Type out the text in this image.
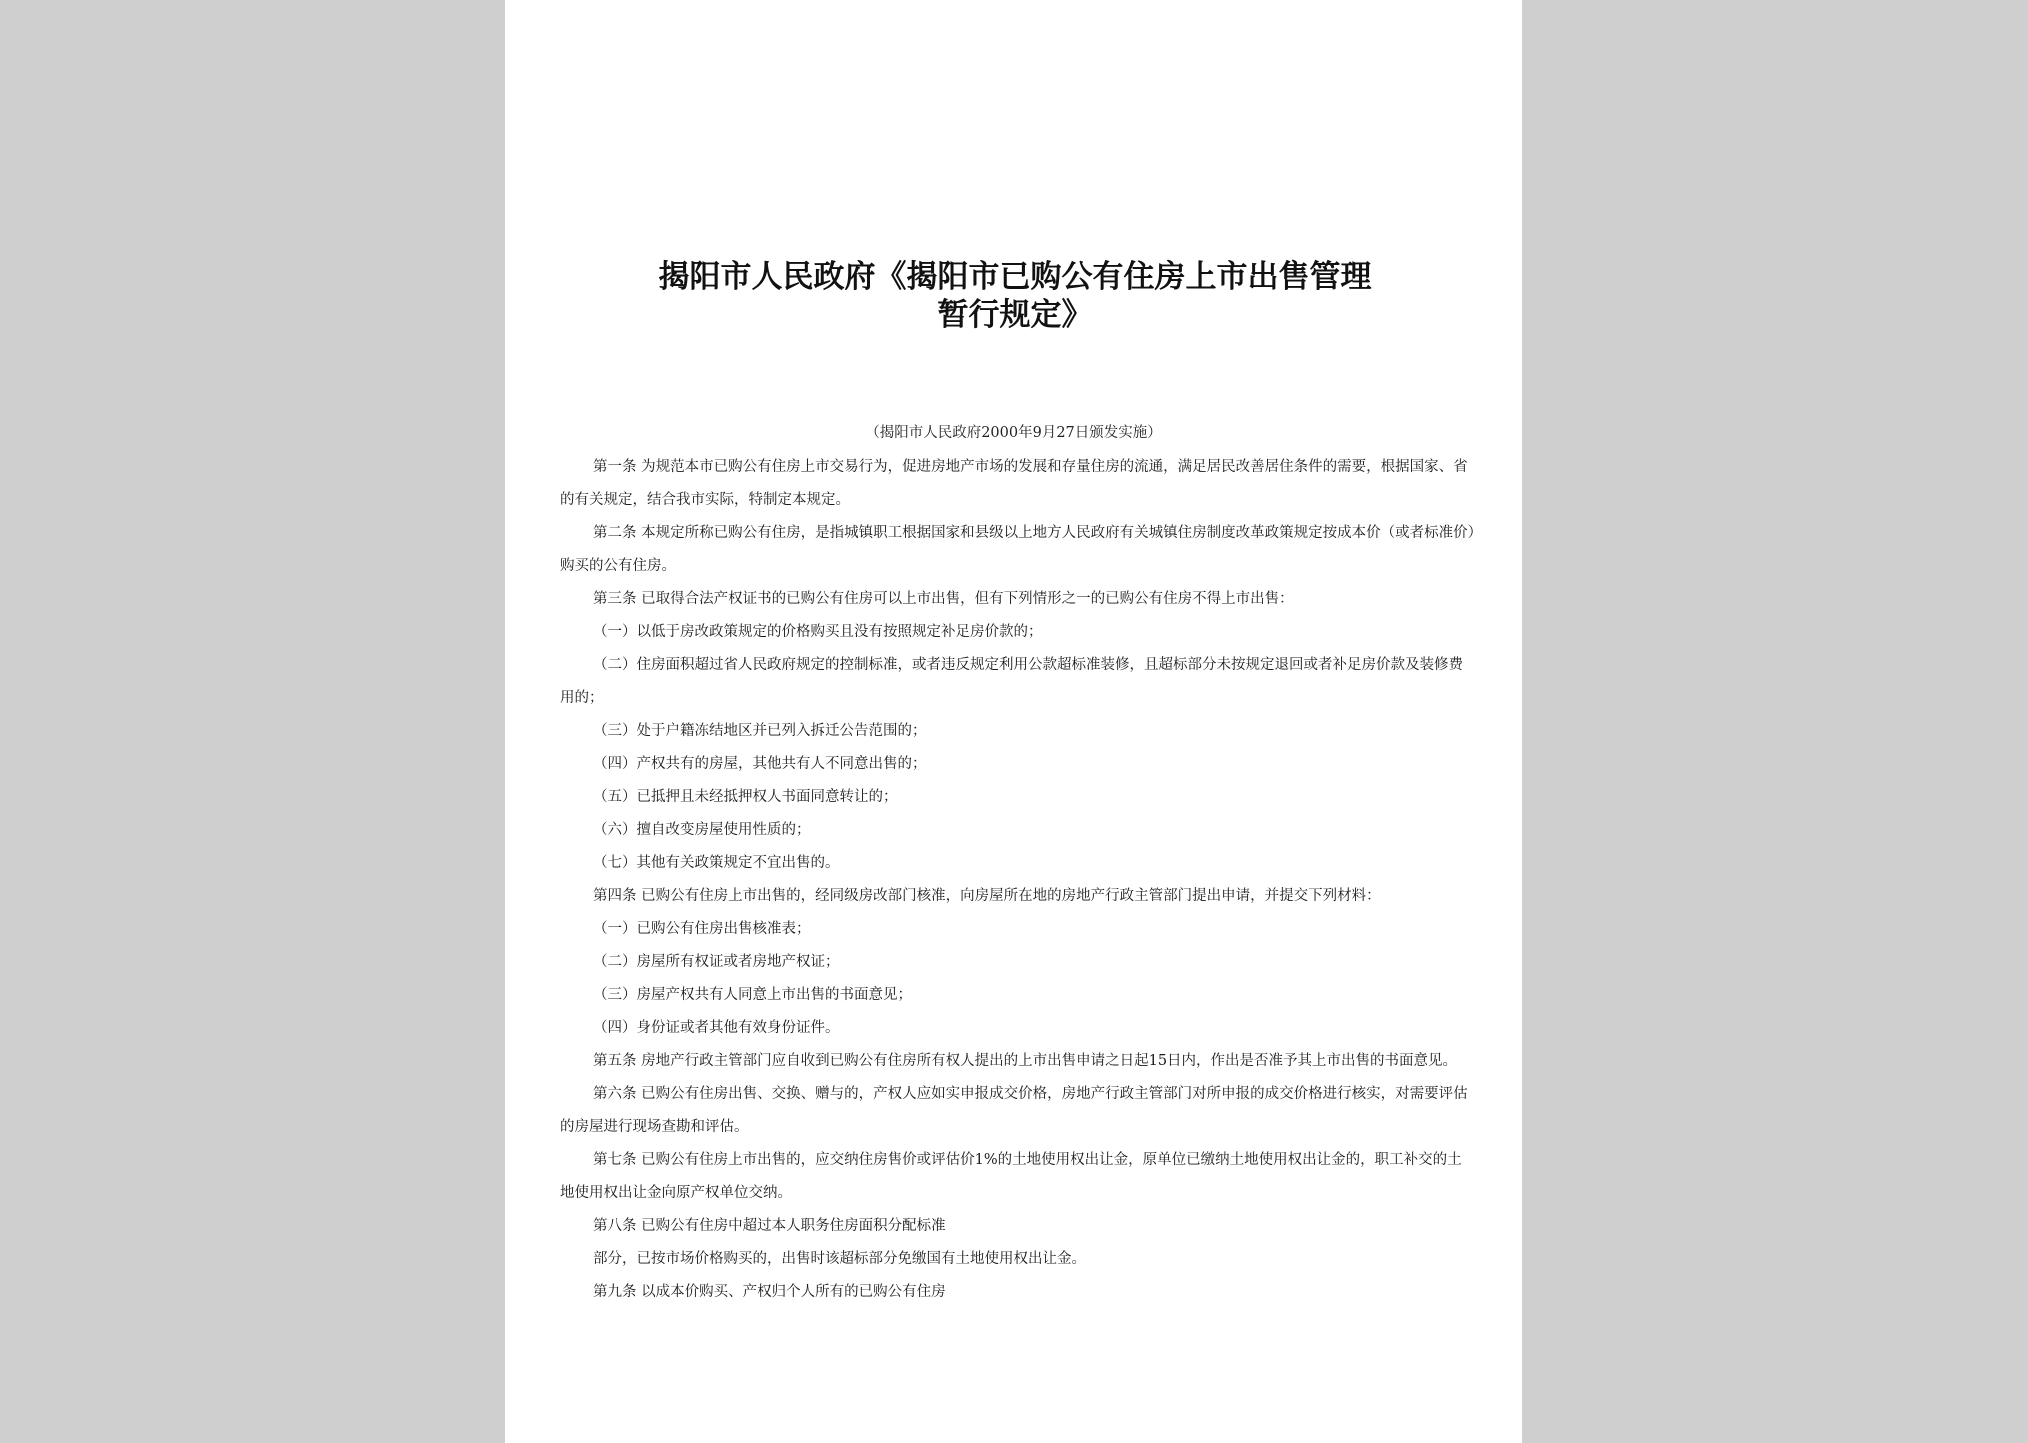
揭阳市人民政府《揭阳市已购公有住房上市出售管理
暂行规定》
（揭阳市人民政府2000年9月27日颁发实施）

第一条 为规范本市已购公有住房上市交易行为，促进房地产市场的发展和存量住房的流通，满足居民改善居住条件的需要，根据国家、省的有关规定，结合我市实际，特制定本规定。

第二条 本规定所称已购公有住房，是指城镇职工根据国家和县级以上地方人民政府有关城镇住房制度改革政策规定按成本价（或者标准价）购买的公有住房。

第三条 已取得合法产权证书的已购公有住房可以上市出售，但有下列情形之一的已购公有住房不得上市出售：

（一）以低于房改政策规定的价格购买且没有按照规定补足房价款的；

（二）住房面积超过省人民政府规定的控制标准，或者违反规定利用公款超标准装修，且超标部分未按规定退回或者补足房价款及装修费用的；

（三）处于户籍冻结地区并已列入拆迁公告范围的；

（四）产权共有的房屋，其他共有人不同意出售的；

（五）已抵押且未经抵押权人书面同意转让的；

（六）擅自改变房屋使用性质的；

（七）其他有关政策规定不宜出售的。

第四条 已购公有住房上市出售的，经同级房改部门核准，向房屋所在地的房地产行政主管部门提出申请，并提交下列材料：

（一）已购公有住房出售核准表；

（二）房屋所有权证或者房地产权证；

（三）房屋产权共有人同意上市出售的书面意见；

（四）身份证或者其他有效身份证件。

第五条 房地产行政主管部门应自收到已购公有住房所有权人提出的上市出售申请之日起15日内，作出是否准予其上市出售的书面意见。

第六条 已购公有住房出售、交换、赠与的，产权人应如实申报成交价格，房地产行政主管部门对所申报的成交价格进行核实，对需要评估的房屋进行现场查勘和评估。

第七条 已购公有住房上市出售的，应交纳住房售价或评估价1%的土地使用权出让金，原单位已缴纳土地使用权出让金的，职工补交的土地使用权出让金向原产权单位交纳。

第八条 已购公有住房中超过本人职务住房面积分配标准

部分，已按市场价格购买的，出售时该超标部分免缴国有土地使用权出让金。

第九条 以成本价购买、产权归个人所有的已购公有住房
